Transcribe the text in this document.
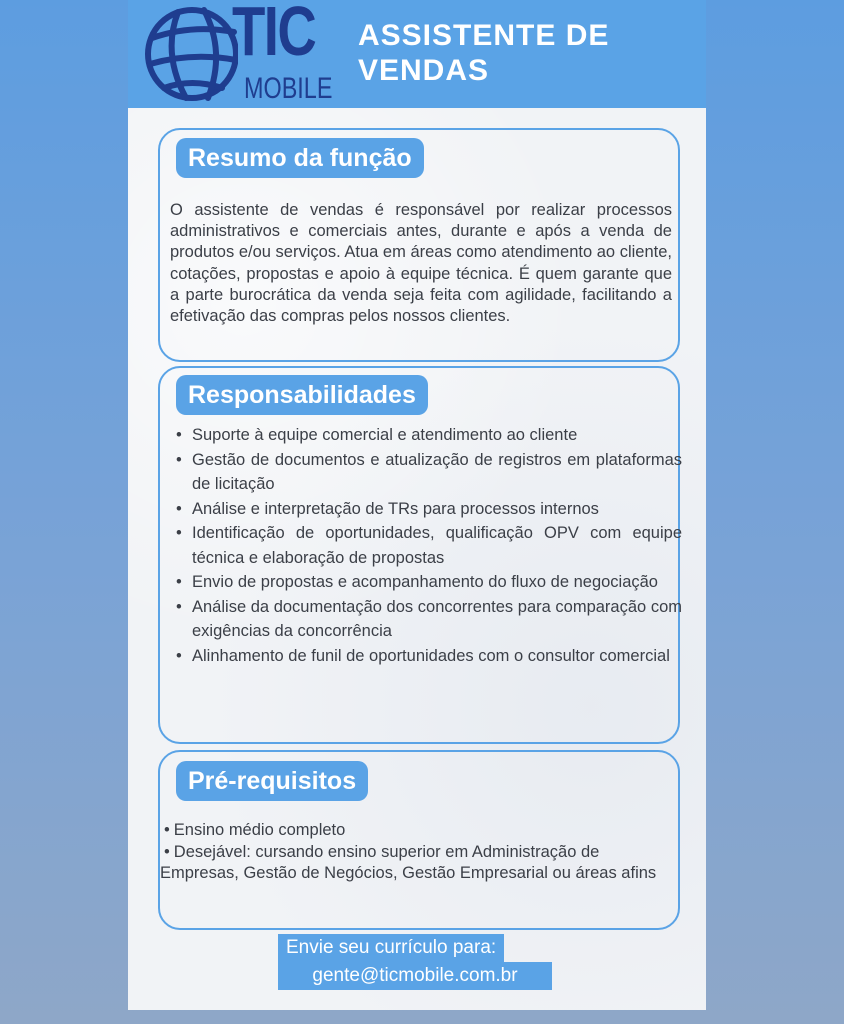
TIC
MOBILE
ASSISTENTE DE
VENDAS
Resumo da função
O assistente de vendas é responsável por realizar processos administrativos e comerciais antes, durante e após a venda de produtos e/ou serviços. Atua em áreas como atendimento ao cliente, cotações, propostas e apoio à equipe técnica. É quem garante que a parte burocrática da venda seja feita com agilidade, facilitando a efetivação das compras pelos nossos clientes.
Responsabilidades
• Suporte à equipe comercial e atendimento ao cliente
• Gestão de documentos e atualização de registros em plataformas de licitação
• Análise e interpretação de TRs para processos internos
• Identificação de oportunidades, qualificação OPV com equipe técnica e elaboração de propostas
• Envio de propostas e acompanhamento do fluxo de negociação
• Análise da documentação dos concorrentes para comparação com exigências da concorrência
• Alinhamento de funil de oportunidades com o consultor comercial
Pré-requisitos

• Ensino médio completo

• Desejável: cursando ensino superior em Administração de Empresas, Gestão de Negócios, Gestão Empresarial ou áreas afins

Envie seu currículo para:
gente@ticmobile.com.br
